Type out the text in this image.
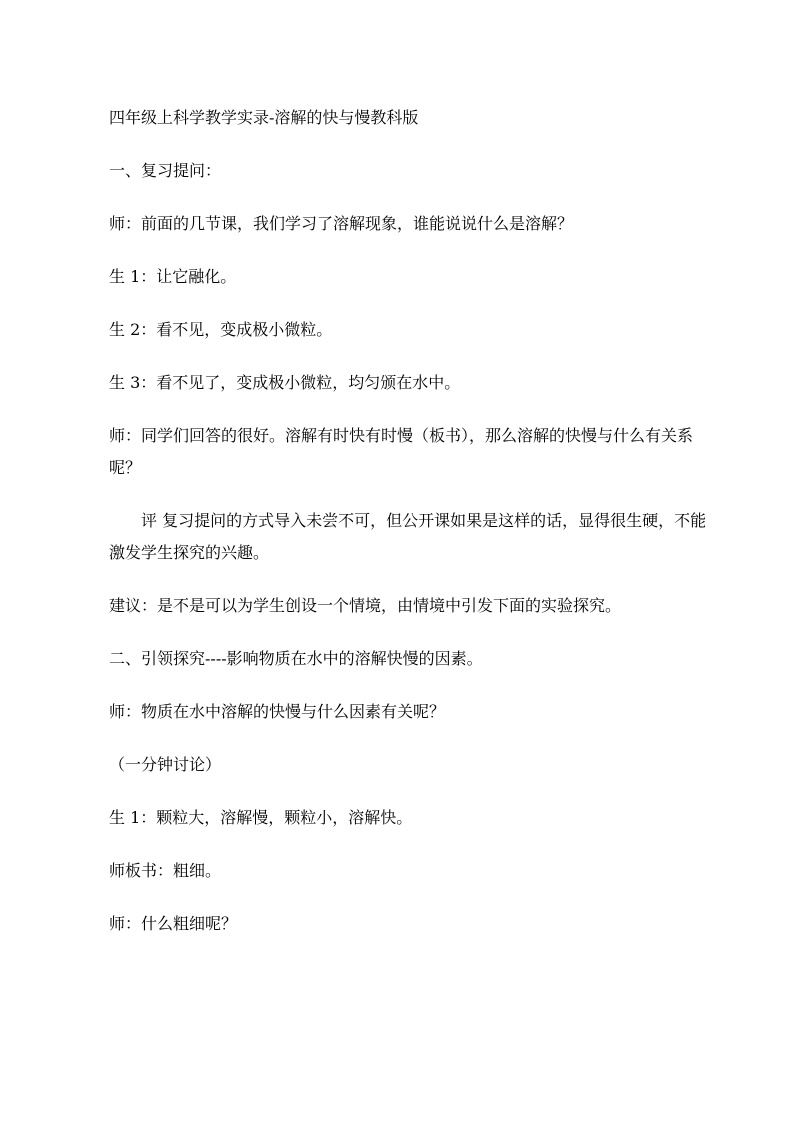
四年级上科学教学实录-溶解的快与慢教科版

一、复习提问：

师：前面的几节课，我们学习了溶解现象，谁能说说什么是溶解？

生 1：让它融化。

生 2：看不见，变成极小微粒。

生 3：看不见了，变成极小微粒，均匀颁在水中。

师：同学们回答的很好。溶解有时快有时慢（板书），那么溶解的快慢与什么有关系呢？

评 复习提问的方式导入未尝不可，但公开课如果是这样的话，显得很生硬，不能激发学生探究的兴趣。

建议：是不是可以为学生创设一个情境，由情境中引发下面的实验探究。

二、引领探究----影响物质在水中的溶解快慢的因素。

师：物质在水中溶解的快慢与什么因素有关呢？

（一分钟讨论）

生 1：颗粒大，溶解慢，颗粒小，溶解快。

师板书：粗细。

师：什么粗细呢？
